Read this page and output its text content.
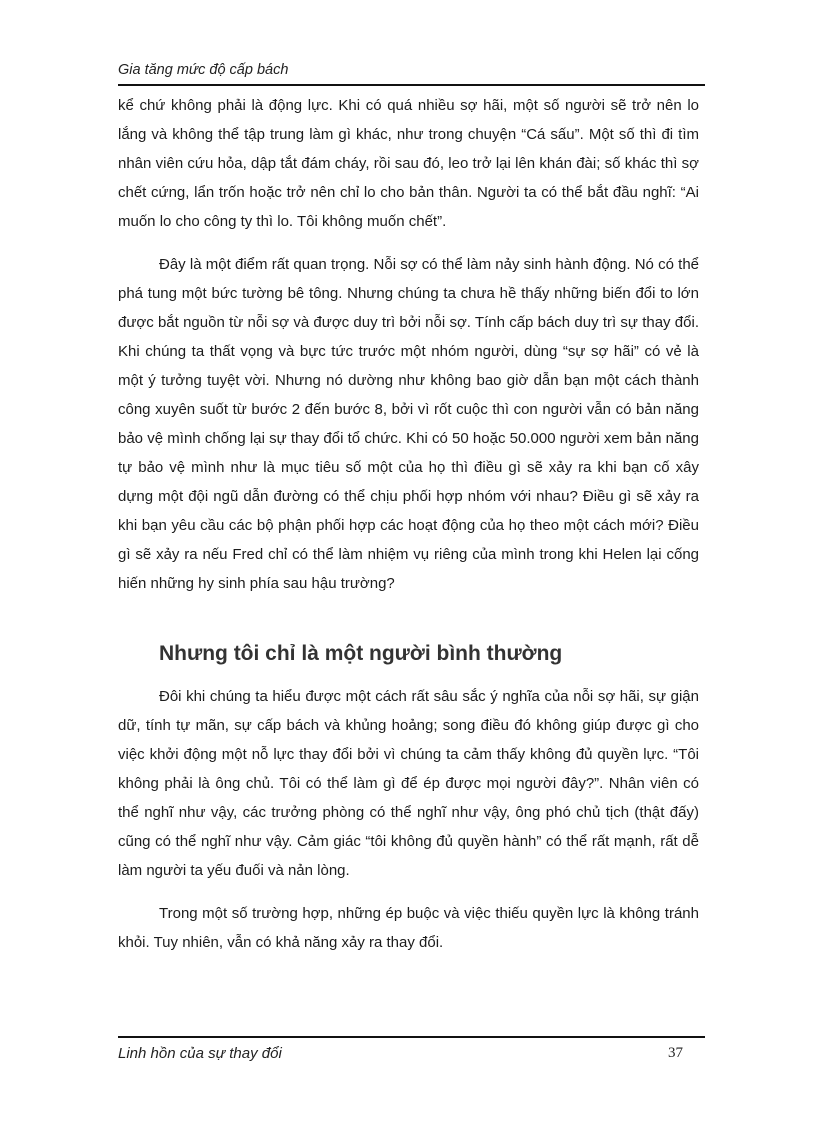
Gia tăng mức độ cấp bách

kể chứ không phải là động lực. Khi có quá nhiều sợ hãi, một số người sẽ trở nên lo lắng và không thể tập trung làm gì khác, như trong chuyện “Cá sấu”. Một số thì đi tìm nhân viên cứu hỏa, dập tắt đám cháy, rồi sau đó, leo trở lại lên khán đài; số khác thì sợ chết cứng, lẩn trốn hoặc trở nên chỉ lo cho bản thân. Người ta có thể bắt đầu nghĩ: “Ai muốn lo cho công ty thì lo. Tôi không muốn chết”.

Đây là một điểm rất quan trọng. Nỗi sợ có thể làm nảy sinh hành động. Nó có thể phá tung một bức tường bê tông. Nhưng chúng ta chưa hề thấy những biến đổi to lớn được bắt nguồn từ nỗi sợ và được duy trì bởi nỗi sợ. Tính cấp bách duy trì sự thay đổi. Khi chúng ta thất vọng và bực tức trước một nhóm người, dùng “sự sợ hãi” có vẻ là một ý tưởng tuyệt vời. Nhưng nó dường như không bao giờ dẫn bạn một cách thành công xuyên suốt từ bước 2 đến bước 8, bởi vì rốt cuộc thì con người vẫn có bản năng bảo vệ mình chống lại sự thay đổi tổ chức. Khi có 50 hoặc 50.000 người xem bản năng tự bảo vệ mình như là mục tiêu số một của họ thì điều gì sẽ xảy ra khi bạn cố xây dựng một đội ngũ dẫn đường có thể chịu phối hợp nhóm với nhau? Điều gì sẽ xảy ra khi bạn yêu cầu các bộ phận phối hợp các hoạt động của họ theo một cách mới? Điều gì sẽ xảy ra nếu Fred chỉ có thể làm nhiệm vụ riêng của mình trong khi Helen lại cống hiến những hy sinh phía sau hậu trường?

Nhưng tôi chỉ là một người bình thường

Đôi khi chúng ta hiểu được một cách rất sâu sắc ý nghĩa của nỗi sợ hãi, sự giận dữ, tính tự mãn, sự cấp bách và khủng hoảng; song điều đó không giúp được gì cho việc khởi động một nỗ lực thay đổi bởi vì chúng ta cảm thấy không đủ quyền lực. “Tôi không phải là ông chủ. Tôi có thể làm gì để ép được mọi người đây?”. Nhân viên có thể nghĩ như vậy, các trưởng phòng có thể nghĩ như vậy, ông phó chủ tịch (thật đấy) cũng có thể nghĩ như vậy. Cảm giác “tôi không đủ quyền hành” có thể rất mạnh, rất dễ làm người ta yếu đuối và nản lòng.

Trong một số trường hợp, những ép buộc và việc thiếu quyền lực là không tránh khỏi. Tuy nhiên, vẫn có khả năng xảy ra thay đổi.

Linh hồn của sự thay đổi	37
